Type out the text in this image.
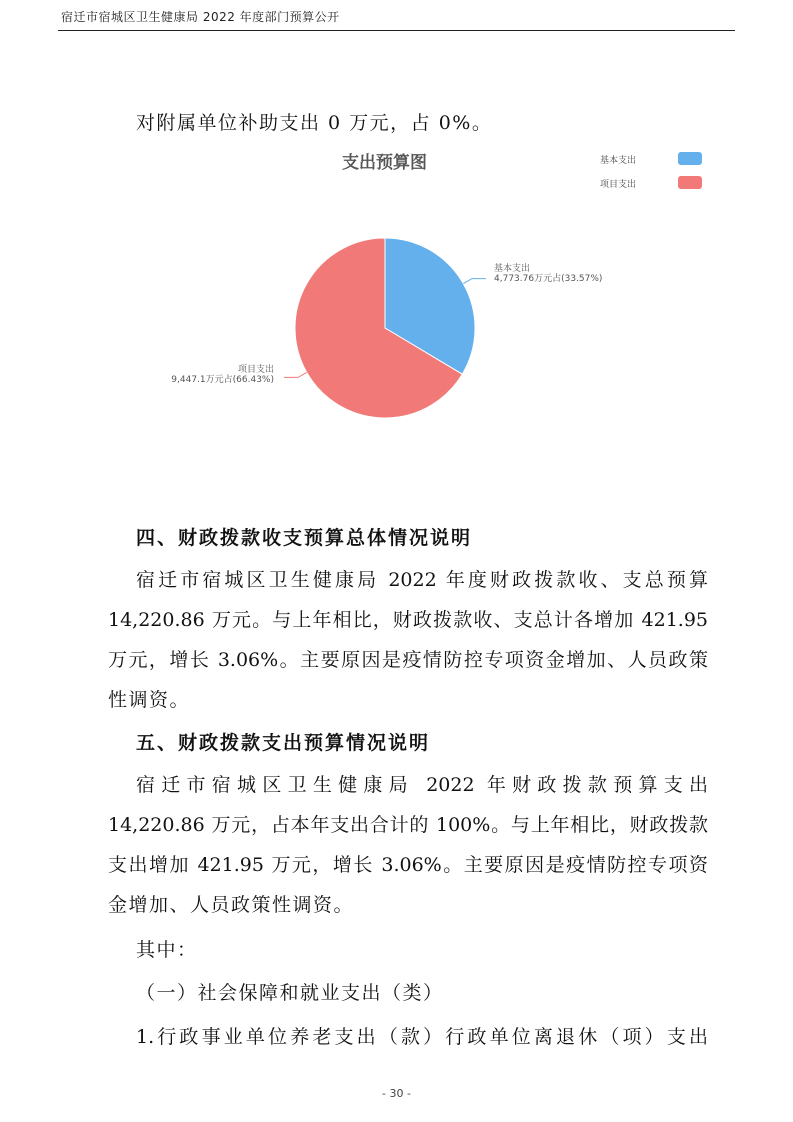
宿迁市宿城区卫生健康局 2022 年度部门预算公开
对附属单位补助支出 0 万元，占 0%。
支出预算图	基本支出
项目支出
基本支出
4,773.76万元占(33.57%)
项目支出
9,447.1万元占(66.43%)
四、财政拨款收支预算总体情况说明
宿迁市宿城区卫生健康局 2022 年度财政拨款收、支总预算
14,220.86 万元。与上年相比，财政拨款收、支总计各增加 421.95
万元，增长 3.06%。主要原因是疫情防控专项资金增加、人员政策
性调资。
五、财政拨款支出预算情况说明
宿迁市宿城区卫生健康局 2022 年财政拨款预算支出
14,220.86 万元，占本年支出合计的 100%。与上年相比，财政拨款
支出增加 421.95 万元，增长 3.06%。主要原因是疫情防控专项资
金增加、人员政策性调资。
其中：
（一）社会保障和就业支出（类）
1.行政事业单位养老支出（款）行政单位离退休（项）支出
- 30 -
